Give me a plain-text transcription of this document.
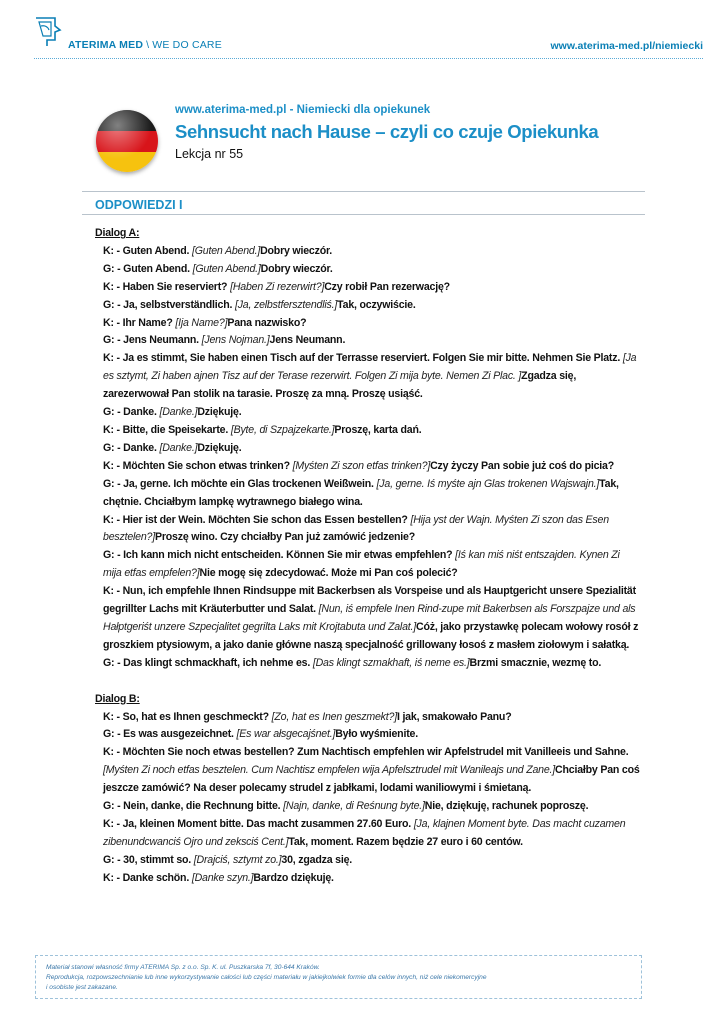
ATERIMA MED \ WE DO CARE	www.aterima-med.pl/niemiecki
www.aterima-med.pl - Niemiecki dla opiekunek
Sehnsucht nach Hause – czyli co czuje Opiekunka
Lekcja nr 55
ODPOWIEDZI I
Dialog A:

K: - Guten Abend. [Guten Abend.]Dobry wieczór.

G: - Guten Abend. [Guten Abend.]Dobry wieczór.

K: - Haben Sie reserviert? [Haben Zi rezerwirt?]Czy robił Pan rezerwację?

G: - Ja, selbstverständlich. [Ja, zelbstfersztendliś.]Tak, oczywiście.

K: - Ihr Name? [Ija Name?]Pana nazwisko?

G: - Jens Neumann. [Jens Nojman.]Jens Neumann.

K: - Ja es stimmt, Sie haben einen Tisch auf der Terrasse reserviert. Folgen Sie mir bitte. Nehmen Sie Platz. [Ja es sztymt, Zi haben ajnen Tisz auf der Terase rezerwirt. Folgen Zi mija byte. Nemen Zi Plac. ]Zgadza się, zarezerwował Pan stolik na tarasie. Proszę za mną. Proszę usiąść.

G: - Danke. [Danke.]Dziękuję.

K: - Bitte, die Speisekarte. [Byte, di Szpajzekarte.]Proszę, karta dań.

G: - Danke. [Danke.]Dziękuję.

K: - Möchten Sie schon etwas trinken? [Myśten Zi szon etfas trinken?]Czy życzy Pan sobie już coś do picia?

G: - Ja, gerne. Ich möchte ein Glas trockenen Weißwein. [Ja, gerne. Iś myśte ajn Glas trokenen Wajswajn.]Tak, chętnie. Chciałbym lampkę wytrawnego białego wina.

K: - Hier ist der Wein. Möchten Sie schon das Essen bestellen? [Hija yst der Wajn. Myśten Zi szon das Esen besztelen?]Proszę wino. Czy chciałby Pan już zamówić jedzenie?

G: - Ich kann mich nicht entscheiden. Können Sie mir etwas empfehlen? [Iś kan miś niśt entszajden. Kynen Zi mija etfas empfelen?]Nie mogę się zdecydować. Może mi Pan coś polecić?

K: - Nun, ich empfehle Ihnen Rindsuppe mit Backerbsen als Vorspeise und als Hauptgericht unsere Spezialität gegrillter Lachs mit Kräuterbutter und Salat. [Nun, iś empfele Inen Rind-zupe mit Bakerbsen als Forszpajze und als Hałptgeriśt unzere Szpecjalitet gegrilta Laks mit Krojtabuta und Zalat.]Cóż, jako przystawkę polecam wołowy rosół z groszkiem ptysiowym, a jako danie główne naszą specjalność grillowany łosoś z masłem ziołowym i sałatką.

G: - Das klingt schmackhaft, ich nehme es. [Das klingt szmakhaft, iś neme es.]Brzmi smacznie, wezmę to.

Dialog B:

K: - So, hat es Ihnen geschmeckt? [Zo, hat es Inen geszmekt?]I jak, smakowało Panu?

G: - Es was ausgezeichnet. [Es war ałsgecajśnet.]Było wyśmienite.

K: - Möchten Sie noch etwas bestellen? Zum Nachtisch empfehlen wir Apfelstrudel mit Vanilleeis und Sahne. [Myśten Zi noch etfas besztelen. Cum Nachtisz empfelen wija Apfelsztrudel mit Wanileajs und Zane.]Chciałby Pan coś jeszcze zamówić? Na deser polecamy strudel z jabłkami, lodami waniliowymi i śmietaną.

G: - Nein, danke, die Rechnung bitte. [Najn, danke, di Reśnung byte.]Nie, dziękuję, rachunek poproszę.

K: - Ja, kleinen Moment bitte. Das macht zusammen 27.60 Euro. [Ja, klajnen Moment byte. Das macht cuzamen zibenundcwanciś Ojro und zeksciś Cent.]Tak, moment. Razem będzie 27 euro i 60 centów.

G: - 30, stimmt so. [Drajciś, sztymt zo.]30, zgadza się.

K: - Danke schön. [Danke szyn.]Bardzo dziękuję.

Materiał stanowi własność firmy ATERIMA Sp. z o.o. Sp. K. ul. Puszkarska 7f, 30-644 Kraków.
Reprodukcja, rozpowszechnianie lub inne wykorzystywanie całości lub części materiału w jakiejkolwiek formie dla celów innych, niż cele niekomercyjne
i osobiste jest zakazane.
